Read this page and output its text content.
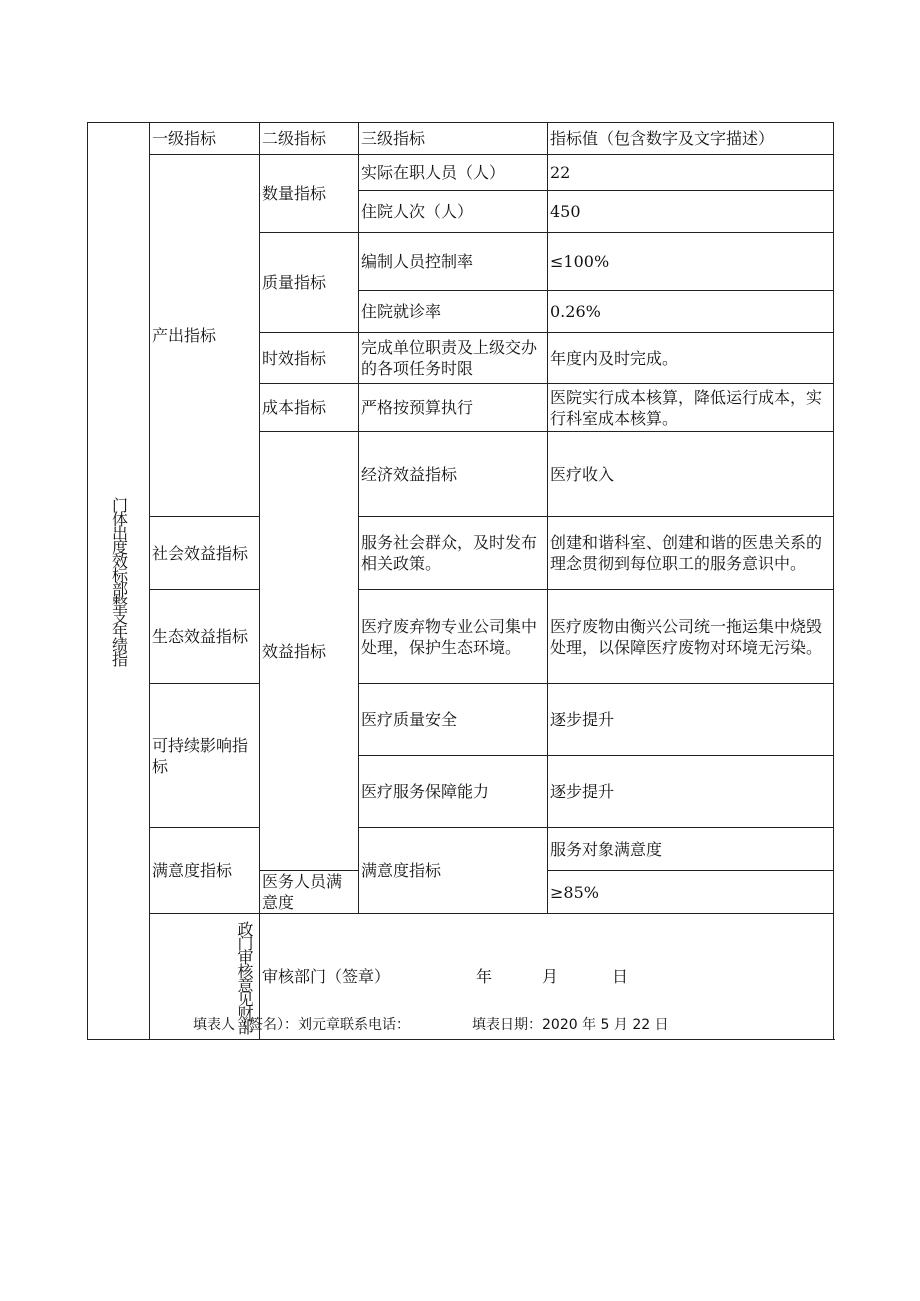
门体出度效标部整支年绩指	一级指标	二级指标	三级指标	指标值（包含数字及文字描述）	
	产出指标	数量指标	实际在职人员（人）	22	
			住院人次（人）	450	
		质量指标	编制人员控制率	≤100%	
			住院就诊率	0.26%	
		时效指标	完成单位职责及上级交办的各项任务时限	年度内及时完成。	
		成本指标	严格按预算执行	医院实行成本核算，降低运行成本，实行科室成本核算。	
		效益指标	经济效益指标	医疗收入	
	社会效益指标		服务社会群众，及时发布相关政策。	创建和谐科室、创建和谐的医患关系的理念贯彻到每位职工的服务意识中。	
	生态效益指标		医疗废弃物专业公司集中处理，保护生态环境。	医疗废物由衡兴公司统一拖运集中烧毁处理，以保障医疗废物对环境无污染。	
	可持续影响指标		医疗质量安全	逐步提升	
			医疗服务保障能力	逐步提升	
	满意度指标		满意度指标	服务对象满意度	
		医务人员满意度		≥85%	

	政门审核意见财部	审核部门（签章） 年 月 日			
填表人（签名）：刘元章联系电话：	填表日期：2020 年 5 月 22 日
